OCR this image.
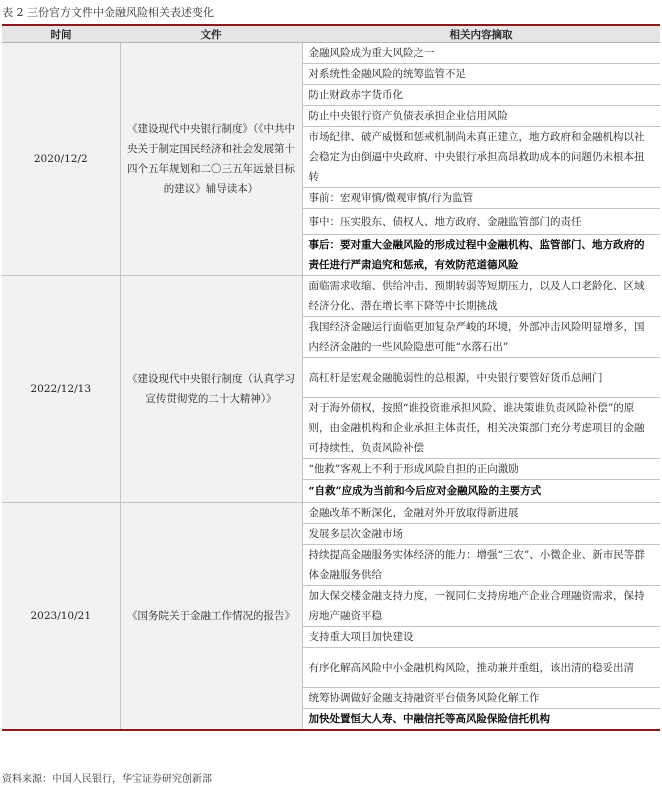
表 2 三份官方文件中金融风险相关表述变化
时间	文件	相关内容摘取
2020/12/2	《建设现代中央银行制度》（《中共中央关于制定国民经济和社会发展第十四个五年规划和二〇三五年远景目标的建议》辅导读本）	金融风险成为重大风险之一
		对系统性金融风险的统筹监管不足
		防止财政赤字货币化
		防止中央银行资产负债表承担企业信用风险
		市场纪律、破产威慑和惩戒机制尚未真正建立，地方政府和金融机构以社会稳定为由倒逼中央政府、中央银行承担高昂救助成本的问题仍未根本扭转
		事前：宏观审慎/微观审慎/行为监管
		事中：压实股东、债权人、地方政府、金融监管部门的责任
		事后：要对重大金融风险的形成过程中金融机构、监管部门、地方政府的责任进行严肃追究和惩戒，有效防范道德风险
2022/12/13	《建设现代中央银行制度（认真学习宣传贯彻党的二十大精神）》	面临需求收缩、供给冲击、预期转弱等短期压力，以及人口老龄化、区域经济分化、潜在增长率下降等中长期挑战
		我国经济金融运行面临更加复杂严峻的环境，外部冲击风险明显增多，国内经济金融的一些风险隐患可能“水落石出”
		高杠杆是宏观金融脆弱性的总根源，中央银行要管好货币总闸门
		对于海外债权，按照“谁投资谁承担风险、谁决策谁负责风险补偿”的原则，由金融机构和企业承担主体责任，相关决策部门充分考虑项目的金融可持续性，负责风险补偿
		“他救”客观上不利于形成风险自担的正向激励
		“自救”应成为当前和今后应对金融风险的主要方式
2023/10/21	《国务院关于金融工作情况的报告》	金融改革不断深化，金融对外开放取得新进展
		发展多层次金融市场
		持续提高金融服务实体经济的能力：增强“三农”、小微企业、新市民等群体金融服务供给
		加大保交楼金融支持力度，一视同仁支持房地产企业合理融资需求，保持房地产融资平稳
		支持重大项目加快建设
		有序化解高风险中小金融机构风险，推动兼并重组，该出清的稳妥出清
		统筹协调做好金融支持融资平台债务风险化解工作
		加快处置恒大人寿、中融信托等高风险保险信托机构
资料来源：中国人民银行，华宝证券研究创新部
